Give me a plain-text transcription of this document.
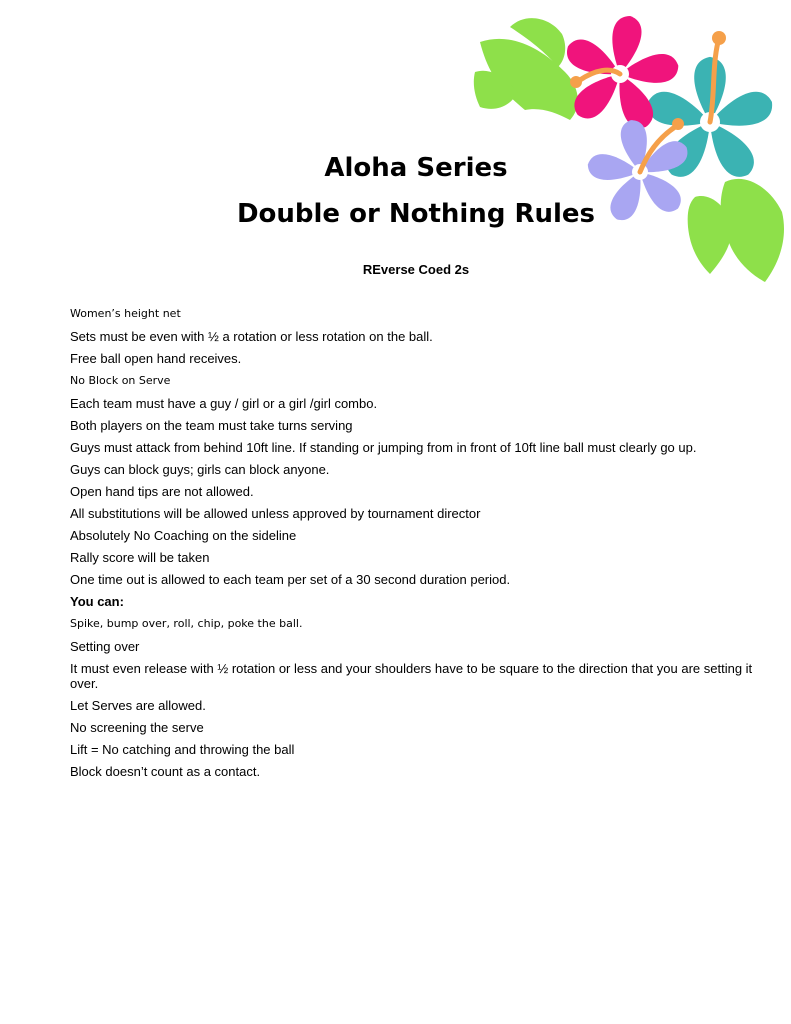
Aloha Series
Double or Nothing Rules
REverse Coed 2s
Women’s height net
Sets must be even with ½ a rotation or less rotation on the ball.
Free ball open hand receives.
No Block on Serve
Each team must have a guy / girl or a girl /girl combo.
Both players on the team must take turns serving
Guys must attack from behind 10ft line. If standing or jumping from in front of 10ft line ball must clearly go up.
Guys can block guys; girls can block anyone.
Open hand tips are not allowed.
All substitutions will be allowed unless approved by tournament director
Absolutely No Coaching on the sideline
Rally score will be taken
One time out is allowed to each team per set of a 30 second duration period.
You can:
Spike, bump over, roll, chip, poke the ball.
Setting over
It must even release with ½ rotation or less and your shoulders have to be square to the direction that you are setting it over.
Let Serves are allowed.
No screening the serve
Lift = No catching and throwing the ball
Block doesn’t count as a contact.
